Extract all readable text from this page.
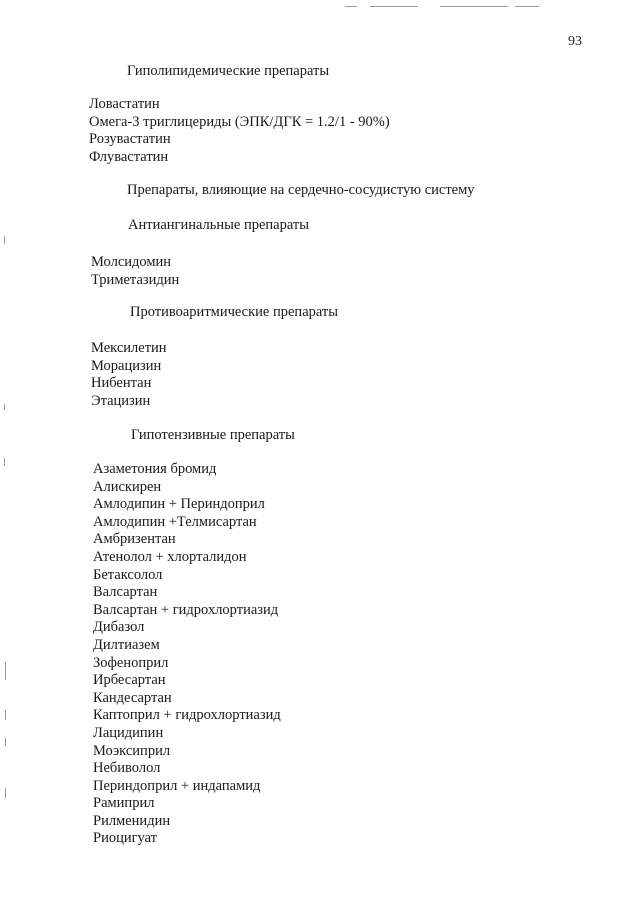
93
Гиполипидемические препараты
Ловастатин
Омега-3 триглицериды (ЭПК/ДГК = 1.2/1 - 90%)
Розувастатин
Флувастатин
Препараты, влияющие на сердечно-сосудистую систему
Антиангинальные препараты
Молсидомин
Триметазидин
Противоаритмические препараты
Мексилетин
Морацизин
Нибентан
Этацизин
Гипотензивные препараты
Азаметония бромид
Алискирен
Амлодипин + Периндоприл
Амлодипин +Телмисартан
Амбризентан
Атенолол + хлорталидон
Бетаксолол
Валсартан
Валсартан + гидрохлортиазид
Дибазол
Дилтиазем
Зофеноприл
Ирбесартан
Кандесартан
Каптоприл + гидрохлортиазид
Лацидипин
Моэксиприл
Небиволол
Периндоприл + индапамид
Рамиприл
Рилменидин
Риоцигуат
